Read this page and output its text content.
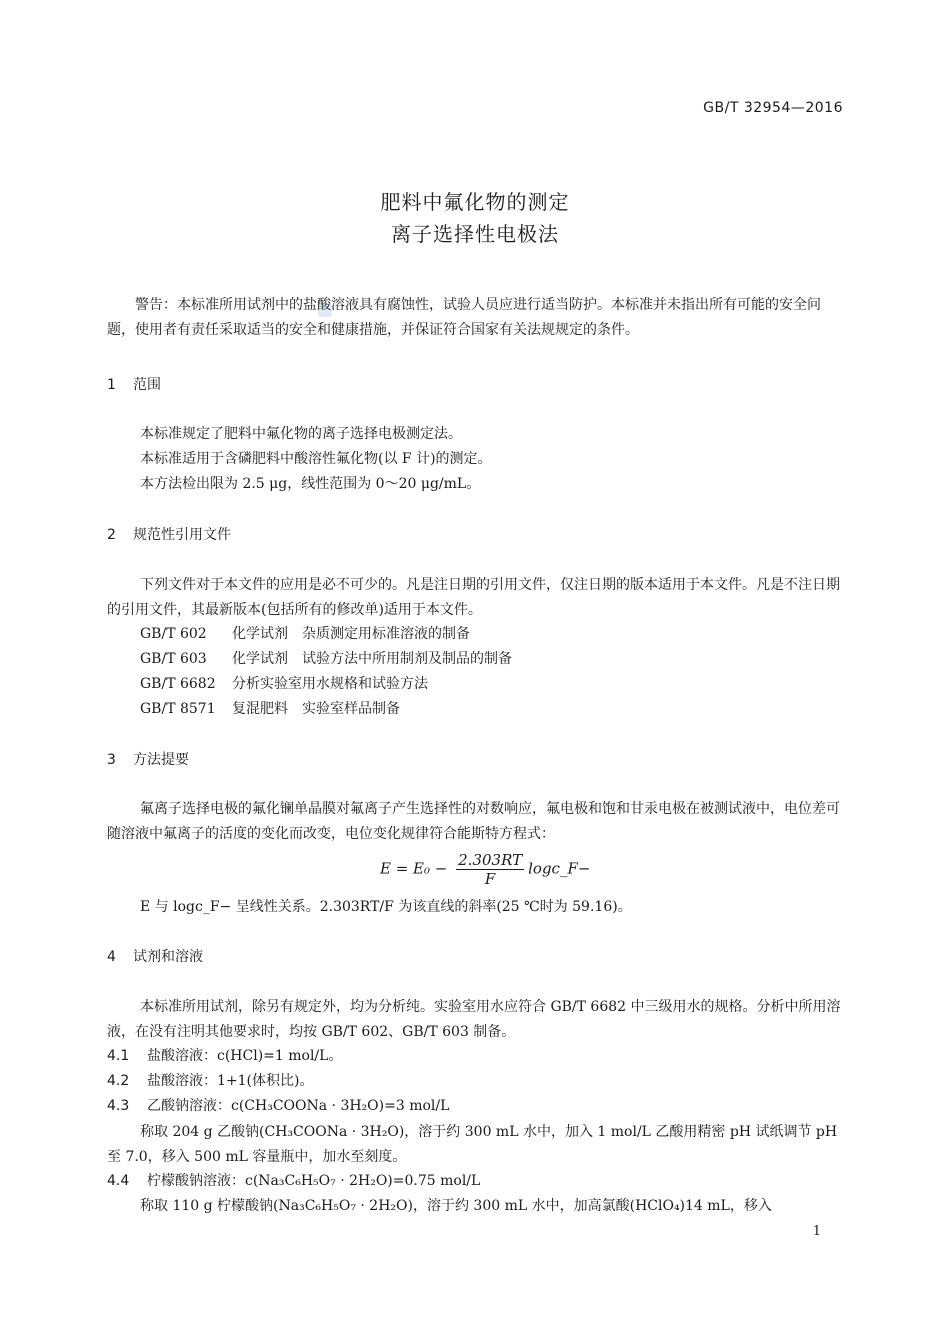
GB/T 32954—2016
肥料中氟化物的测定
离子选择性电极法
警告：本标准所用试剂中的盐酸溶液具有腐蚀性，试验人员应进行适当防护。本标准并未指出所有可能的安全问题，使用者有责任采取适当的安全和健康措施，并保证符合国家有关法规规定的条件。
1 范围
本标准规定了肥料中氟化物的离子选择电极测定法。
本标准适用于含磷肥料中酸溶性氟化物(以 F 计)的测定。
本方法检出限为 2.5 μg，线性范围为 0～20 μg/mL。
2 规范性引用文件
下列文件对于本文件的应用是必不可少的。凡是注日期的引用文件，仅注日期的版本适用于本文件。凡是不注日期的引用文件，其最新版本(包括所有的修改单)适用于本文件。
GB/T 602 化学试剂　杂质测定用标准溶液的制备
GB/T 603 化学试剂　试验方法中所用制剂及制品的制备
GB/T 6682 分析实验室用水规格和试验方法
GB/T 8571 复混肥料　实验室样品制备
3 方法提要
氟离子选择电极的氟化镧单晶膜对氟离子产生选择性的对数响应，氟电极和饱和甘汞电极在被测试液中，电位差可随溶液中氟离子的活度的变化而改变，电位变化规律符合能斯特方程式：
$E = E_0 - \frac{2.303RT}{F}$ logc_F−
E 与 logc_F− 呈线性关系。2.303RT/F 为该直线的斜率(25 ℃时为 59.16)。
4 试剂和溶液
本标准所用试剂，除另有规定外，均为分析纯。实验室用水应符合 GB/T 6682 中三级用水的规格。分析中所用溶液，在没有注明其他要求时，均按 GB/T 602、GB/T 603 制备。
4.1 盐酸溶液：c(HCl)=1 mol/L。
4.2 盐酸溶液：1+1(体积比)。
4.3 乙酸钠溶液：c(CH₃COONa · 3H₂O)=3 mol/L
称取 204 g 乙酸钠(CH₃COONa · 3H₂O)，溶于约 300 mL 水中，加入 1 mol/L 乙酸用精密 pH 试纸调节 pH 至 7.0，移入 500 mL 容量瓶中，加水至刻度。
4.4 柠檬酸钠溶液：c(Na₃C₆H₅O₇ · 2H₂O)=0.75 mol/L
称取 110 g 柠檬酸钠(Na₃C₆H₅O₇ · 2H₂O)，溶于约 300 mL 水中，加高氯酸(HClO₄)14 mL，移入
1
